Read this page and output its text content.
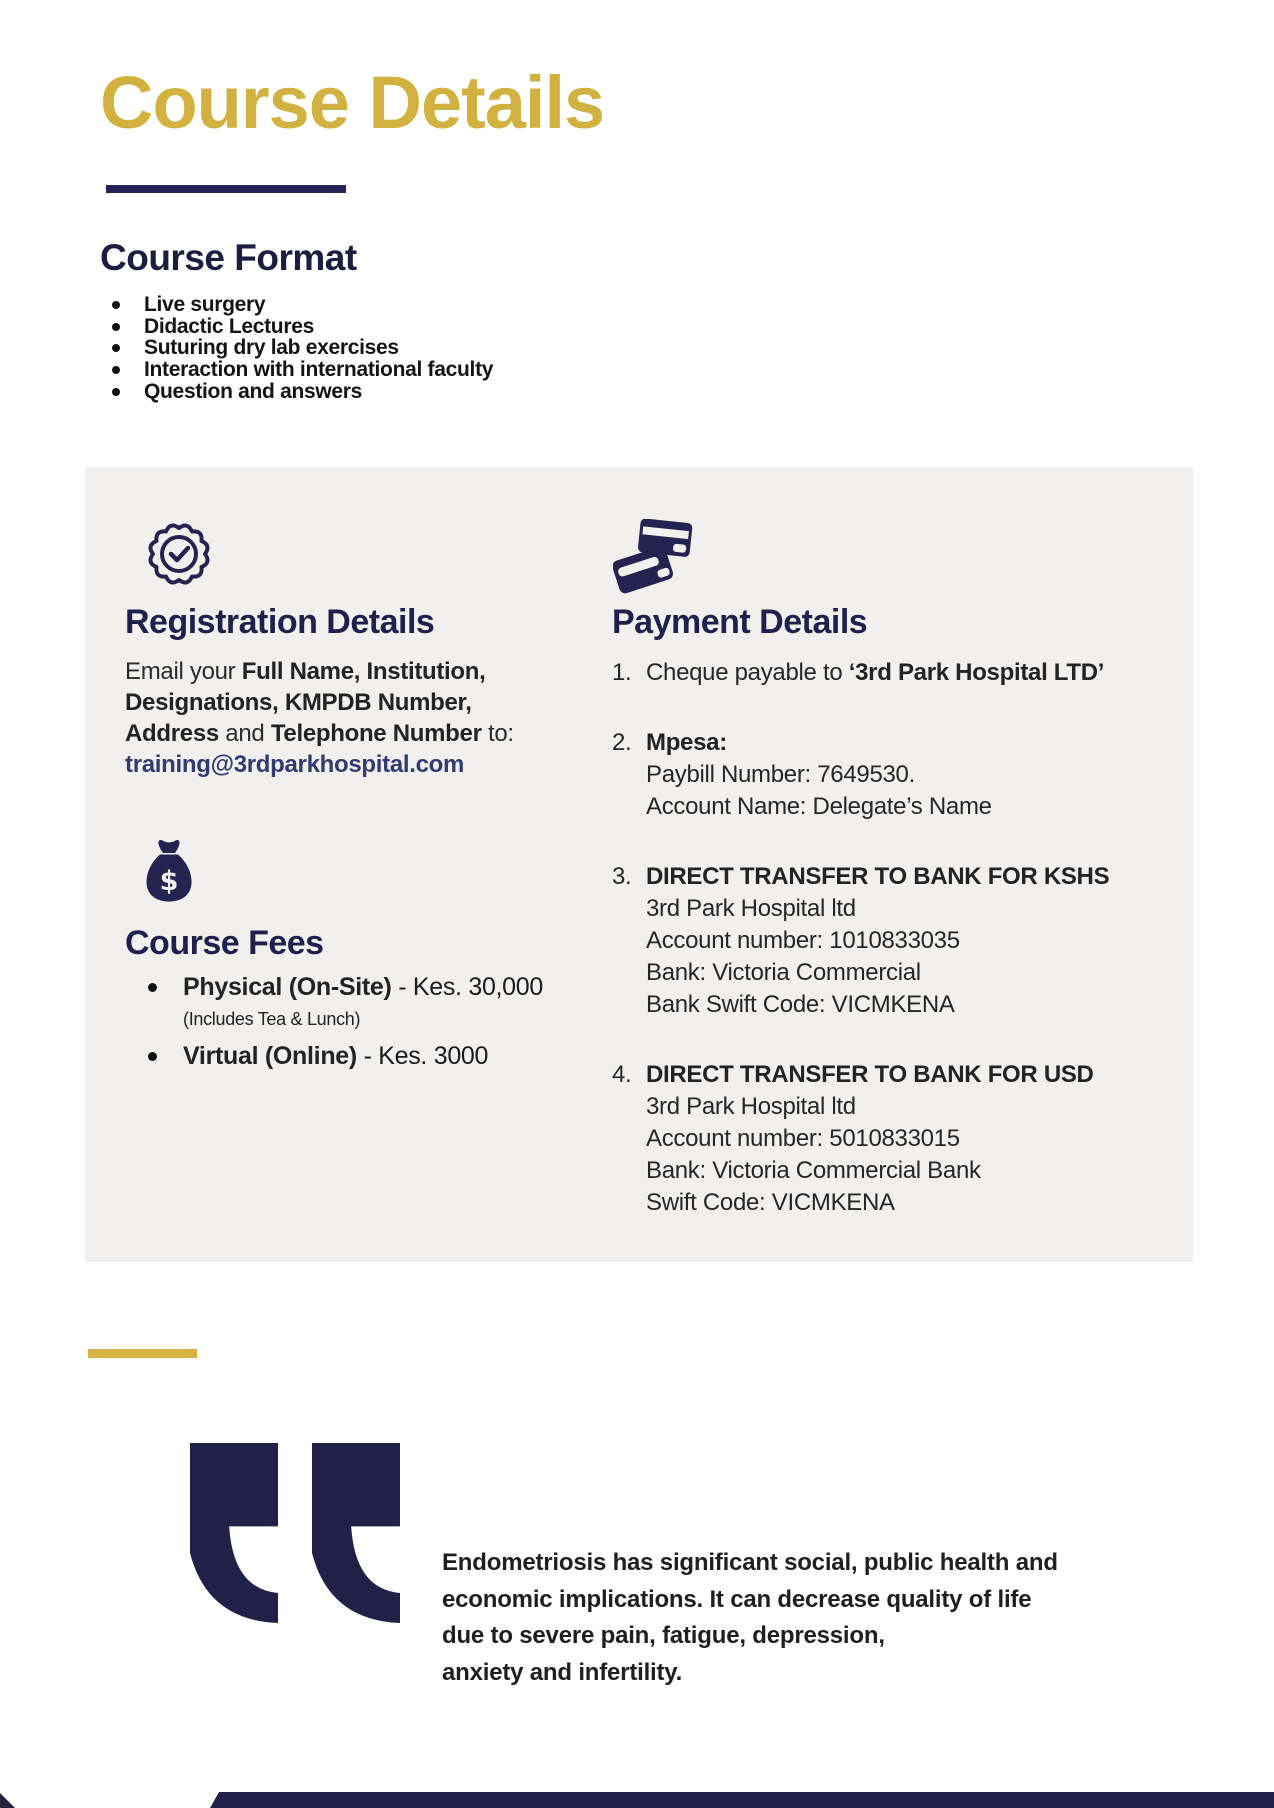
Course Details
Course Format
Live surgery
Didactic Lectures
Suturing dry lab exercises
Interaction with international faculty
Question and answers
Registration Details
Email your Full Name, Institution,
Designations, KMPDB Number,
Address and Telephone Number to:
training@3rdparkhospital.com
$
Course Fees
Physical (On-Site) - Kes. 30,000
(Includes Tea & Lunch)
Virtual (Online) - Kes. 3000
Payment Details
1. Cheque payable to ‘3rd Park Hospital LTD’
2. Mpesa:
Paybill Number: 7649530.
Account Name: Delegate’s Name
3. DIRECT TRANSFER TO BANK FOR KSHS
3rd Park Hospital ltd
Account number: 1010833035
Bank: Victoria Commercial
Bank Swift Code: VICMKENA
4. DIRECT TRANSFER TO BANK FOR USD
3rd Park Hospital ltd
Account number: 5010833015
Bank: Victoria Commercial Bank
Swift Code: VICMKENA
Endometriosis has significant social, public health and
economic implications. It can decrease quality of life
due to severe pain, fatigue, depression,
anxiety and infertility.
